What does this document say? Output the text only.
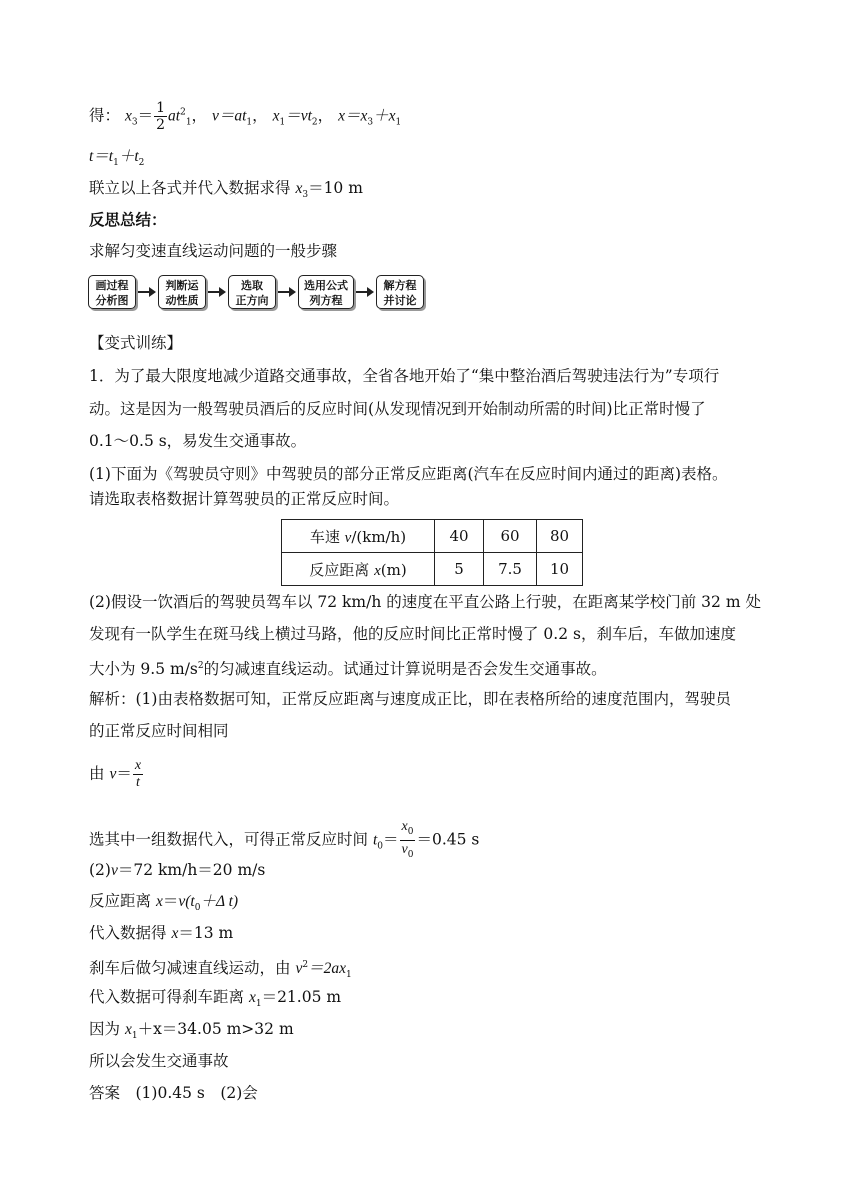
得： $x_3= \frac{1}{2} at^2_1$， $v=at_1$， $x_1=vt_2$， $x=x_3+x_1$
$t=t_1+t_2$
联立以上各式并代入数据求得 $x_3=10$ m
反思总结：
求解匀变速直线运动问题的一般步骤
画过程
分析图
判断运
动性质
选取
正方向
选用公式
列方程
解方程
并讨论
【变式训练】
1．为了最大限度地减少道路交通事故，全省各地开始了“集中整治酒后驾驶违法行为”专项行
动。这是因为一般驾驶员酒后的反应时间(从发现情况到开始制动所需的时间)比正常时慢了
0.1～0.5 s，易发生交通事故。
(1)下面为《驾驶员守则》中驾驶员的部分正常反应距离(汽车在反应时间内通过的距离)表格。
请选取表格数据计算驾驶员的正常反应时间。
车速 v/(km/h)	40	60	80
反应距离 x(m)	5	7.5	10
(2)假设一饮酒后的驾驶员驾车以 72 km/h 的速度在平直公路上行驶，在距离某学校门前 32 m 处
发现有一队学生在斑马线上横过马路，他的反应时间比正常时慢了 0.2 s，刹车后，车做加速度
大小为 9.5 $m/s^2$的匀减速直线运动。试通过计算说明是否会发生交通事故。
解析：(1)由表格数据可知，正常反应距离与速度成正比，即在表格所给的速度范围内，驾驶员
的正常反应时间相同
由 $v= \frac{x}{t}$
选其中一组数据代入，可得正常反应时间 $t_0= \frac{x_0}{v_0} =0.45$ s
(2)v＝72 km/h＝20 m/s
反应距离 $x=v(t_0+\Delta$ t)
代入数据得 x＝13 m
刹车后做匀减速直线运动，由 $v^2=2ax_1$
代入数据可得刹车距离 $x_1=21.05$ m
因为 $x_1+x=34.05$ m>32 m
所以会发生交通事故
答案　(1)0.45 s　(2)会
